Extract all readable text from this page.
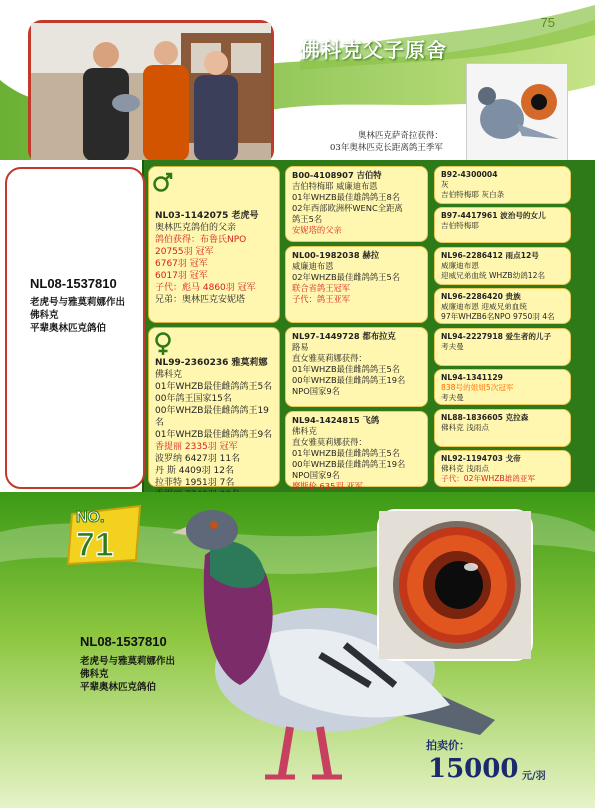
75
佛科克父子原舍
奥林匹克萨奇拉获得：
03年奥林匹克长距离鸽王季军
NL08-1537810
老虎号与雅莫莉娜作出
佛科克
平辈奥林匹克鸽伯
NL03-1142075 老虎号
奥林匹克鸽伯的父亲
鸽伯获得：布鲁氏NPO
20755羽 冠军
6767羽 冠军
6017羽 冠军
子代：彪马 4860羽 冠军
兄弟：奥林匹克安妮塔
NL99-2360236 雅莫莉娜
佛科克
01年WHZB最佳雌鸽鸽王5名
00年鸽王国家15名
00年WHZB最佳雌鸽鸽王19名
01年WHZB最佳雌鸽鸽王9名
香提丽 2335羽 冠军
波罗纳 6427羽 11名
丹 斯 4409羽 12名
拉菲特 1951羽 7名
B00-4108907 吉伯特
吉伯特梅耶 威廉迪布恩
01年WHZB最佳雄鸽鸽王8名
02年西部欧洲杯WENC全距离
鸽王5名
安妮塔的父亲
NL00-1982038 赫拉
威廉迪布恩
02年WHZB最佳雌鸽鸽王5名
联合省鸽王冠军
子代：鸽王亚军
NL97-1449728 都布拉克
路易
直女雅莫莉娜获得：
01年WHZB最佳雌鸽鸽王5名
00年WHZB最佳雌鸽鸽王19名
NPO国家9名
NL94-1424815 飞鸽
佛科克
直女雅莫莉娜获得：
01年WHZB最佳雌鸽鸽王5名
00年WHZB最佳雌鸽鸽王19名
NPO国家9名
摩斯伦 635羽 亚军
B92-4300004
灰
吉伯特梅耶 灰白条
B97-4417961 波治号的女儿
吉伯特梅耶
NL96-2286412 雨点12号
威廉迪布恩
迎威兄弟血统 WHZB幼鸽12名
NL96-2286420 贵族
威廉迪布恩 迎威兄弟血统
97年WHZB6名NPO 9750羽 4名
NL94-2227918 爱生者的儿子
考夫曼
NL94-1341129
838号的姐姐5次冠军
考夫曼
NL88-1836605 克拉森
佛科克 浅雨点
NL92-1194703 戈帝
佛科克 浅雨点
子代：02年WHZB雄鸽亚军
NO.
71
NL08-1537810
老虎号与雅莫莉娜作出
佛科克
平辈奥林匹克鸽伯
拍卖价：
15000 元/羽
